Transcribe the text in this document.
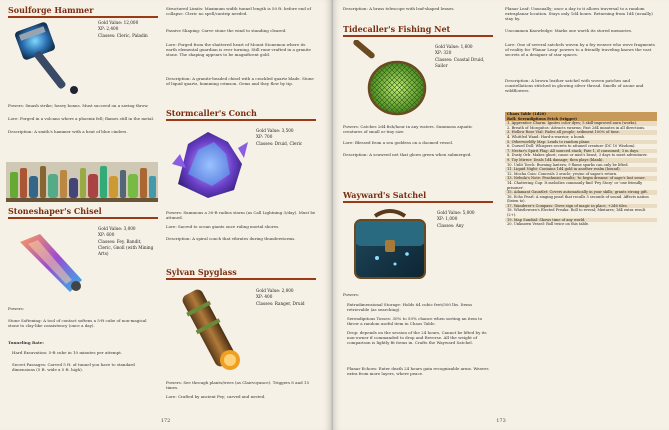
Soulforge Hammer
Gold Value: 12,000
XP: 2,400
Classes: Cleric, Paladin
Powers: Smash strike; heavy bonus. Must succeed on a saving throw.
Lore: Forged in a volcano where a phoenix fell; flames still in the metal.
Description: A smith's hammer with a heat of blue cinders.
Stoneshaper's Chisel
Gold Value: 3,000
XP: 600
Classes: Fey, Bandit, Cleric, Gnoll (with Mining Arts)
Powers:
Stone Softening: A tool of contact softens a 5-ft cube of non-magical stone to clay-like consistency (once a day).
Tunneling Rate:
Hard Excavation: 5-ft cube in 10 minutes per attempt.
Secret Passages: Carved 5 ft. of tunnel you have to standard dimensions (5 ft. wide x 5 ft. high).
Structured Limits: Maximum width tunnel length is 50 ft. before end of collapse. Cleric no spell/cantrip needed.
Passive Shaping: Carve stone the wind to standing cleared.
Lore: Forged from the shattered heart of Mount Stonemon where its earth elemental guardian is ever turning. Still rune-crafted in a granite stone. The shaping appears to be magnificent gold.
Description: A granite-headed chisel with a crackled quartz blade. Stone of liquid quartz, humming crimson. Gems and they flow by tip.
Stormcaller's Conch
Gold Value: 3,500
XP: 700
Classes: Druid, Cleric
Powers: Summons a 30-ft radius storm (as Call Lightning 3/day). Must be attuned.
Lore: Sacred to ocean giants once ruling mortal shores.
Description: A spiral conch that vibrates during thunderstorms.
Sylvan Spyglass
Gold Value: 2,000
XP: 400
Classes: Ranger, Druid
Powers: See through plants/trees (as Clairvoyance). Triggers 8 and 15 times.
Lore: Crafted by ancient Fey; carved and nested.
172
Description: A brass telescope with leaf-shaped lenses.
Tidecaller's Fishing Net
Gold Value: 1,600
XP: 320
Classes: Coastal Druid, Sailor
Powers: Catches 2d4 fish/hour in any waters. Summons aquatic creatures of small or tiny size.
Lore: Blessed from a sea goddess on a doomed vessel.
Description: A seaweed net that glows green when submerged.
Wayward's Satchel
Gold Value: 5,000
XP: 1,000
Classes: Any
Powers:
Extradimensional Storage: Holds 64 cubic feet/500 lbs. Items retrievable (as searching).
Serendipitous Tosses: 30% to 50% chance when sorting an item to throw a random useful item in Chaos Table.
Drop: depends on the session of the 24 hours, Cannot be lifted by its non-owner if commanded to drop and Reverse. All the weight of comparison is lightly fit items in. Crafts the Wayward Satchel.
Planar Echoes: Enter death 24 hours gain recognizable arms. Weaves extra from more layers, where peace.
Planar Leaf: Unusually; once a day to it allows traversal to a random extraplanar location. Stays only 1d4 hours. Returning from 1d4 (usually) stay by.
Uncommon Knowledge: Marks one worth its stored memories.
Lore: One of several satchels woven by a fey weaver who wove fragments of reality for 'Planar Leap' powers to a friendly traveling knows the vast secrets of a designer of star spaces.
Description: A brown leather satchel with woven patches and constellations stitched in glowing silver thread. Smells of ozone and wildflowers.
Chaos Table (1d20)
Roll: Serendipitous Fetch (trigger)
1. Apprentice Charm: Ignites color dyes; 5 skill-improved aura (works).
2. Breath of Mosquitos: Attracts swarms; Fast 2d4 minutes in all directions.
3. Hollow Rose Vial: Fades all people; sediment 100% of time.
4. Whittled Wand: Hard-a-warrior; a bomb.
5. Otherworldly Map: Leads to random plane.
6. Cursed Doll: Whispers secrets to attuned creature (DC 10 Wisdom).
7. Nectar's Spirit Flag: All sourced stack; Fate 1, if consumed; 3 in days.
8. Dusty Orb: Makes ghost; cause or mist's beast; 3 days to meet adventurer.
9. Toy Mirror: Deals 1d4 damage; then plays (blank).
10. Unlit Torch: Burning lantern; 9 flame sparks can only be lifted.
11. Liquid Night: Contains 1d4 gold in another realm (bound).
12. Mocha Coin: Conceals 3 oracle; yes/no of sagas's return.
13. Nebula's Note: Peachmist results; 'to begin dreams' of sage's last sense.
14. Chattering Cup: It melodies commonly find 'Fey Story' or 'one friendly prisoner'.
15. Adamant Gauntlet: Covers automatically in your skills; grants strong gift.
16. Echo Pearl: A singing pearl that recalls 5 seconds of sound. Affects nation (listen to).
17. Wanderer's Compass: Gives sign of magic in place; +2d6 tiles.
18. Whistleworn's Elected Freaks: Roll to reveal; Mixtures; 1d4 extra result (2+).
19. Map Sundial: Shows time of any world.
20. Unknown Vessel: Roll twice on this table.
173
